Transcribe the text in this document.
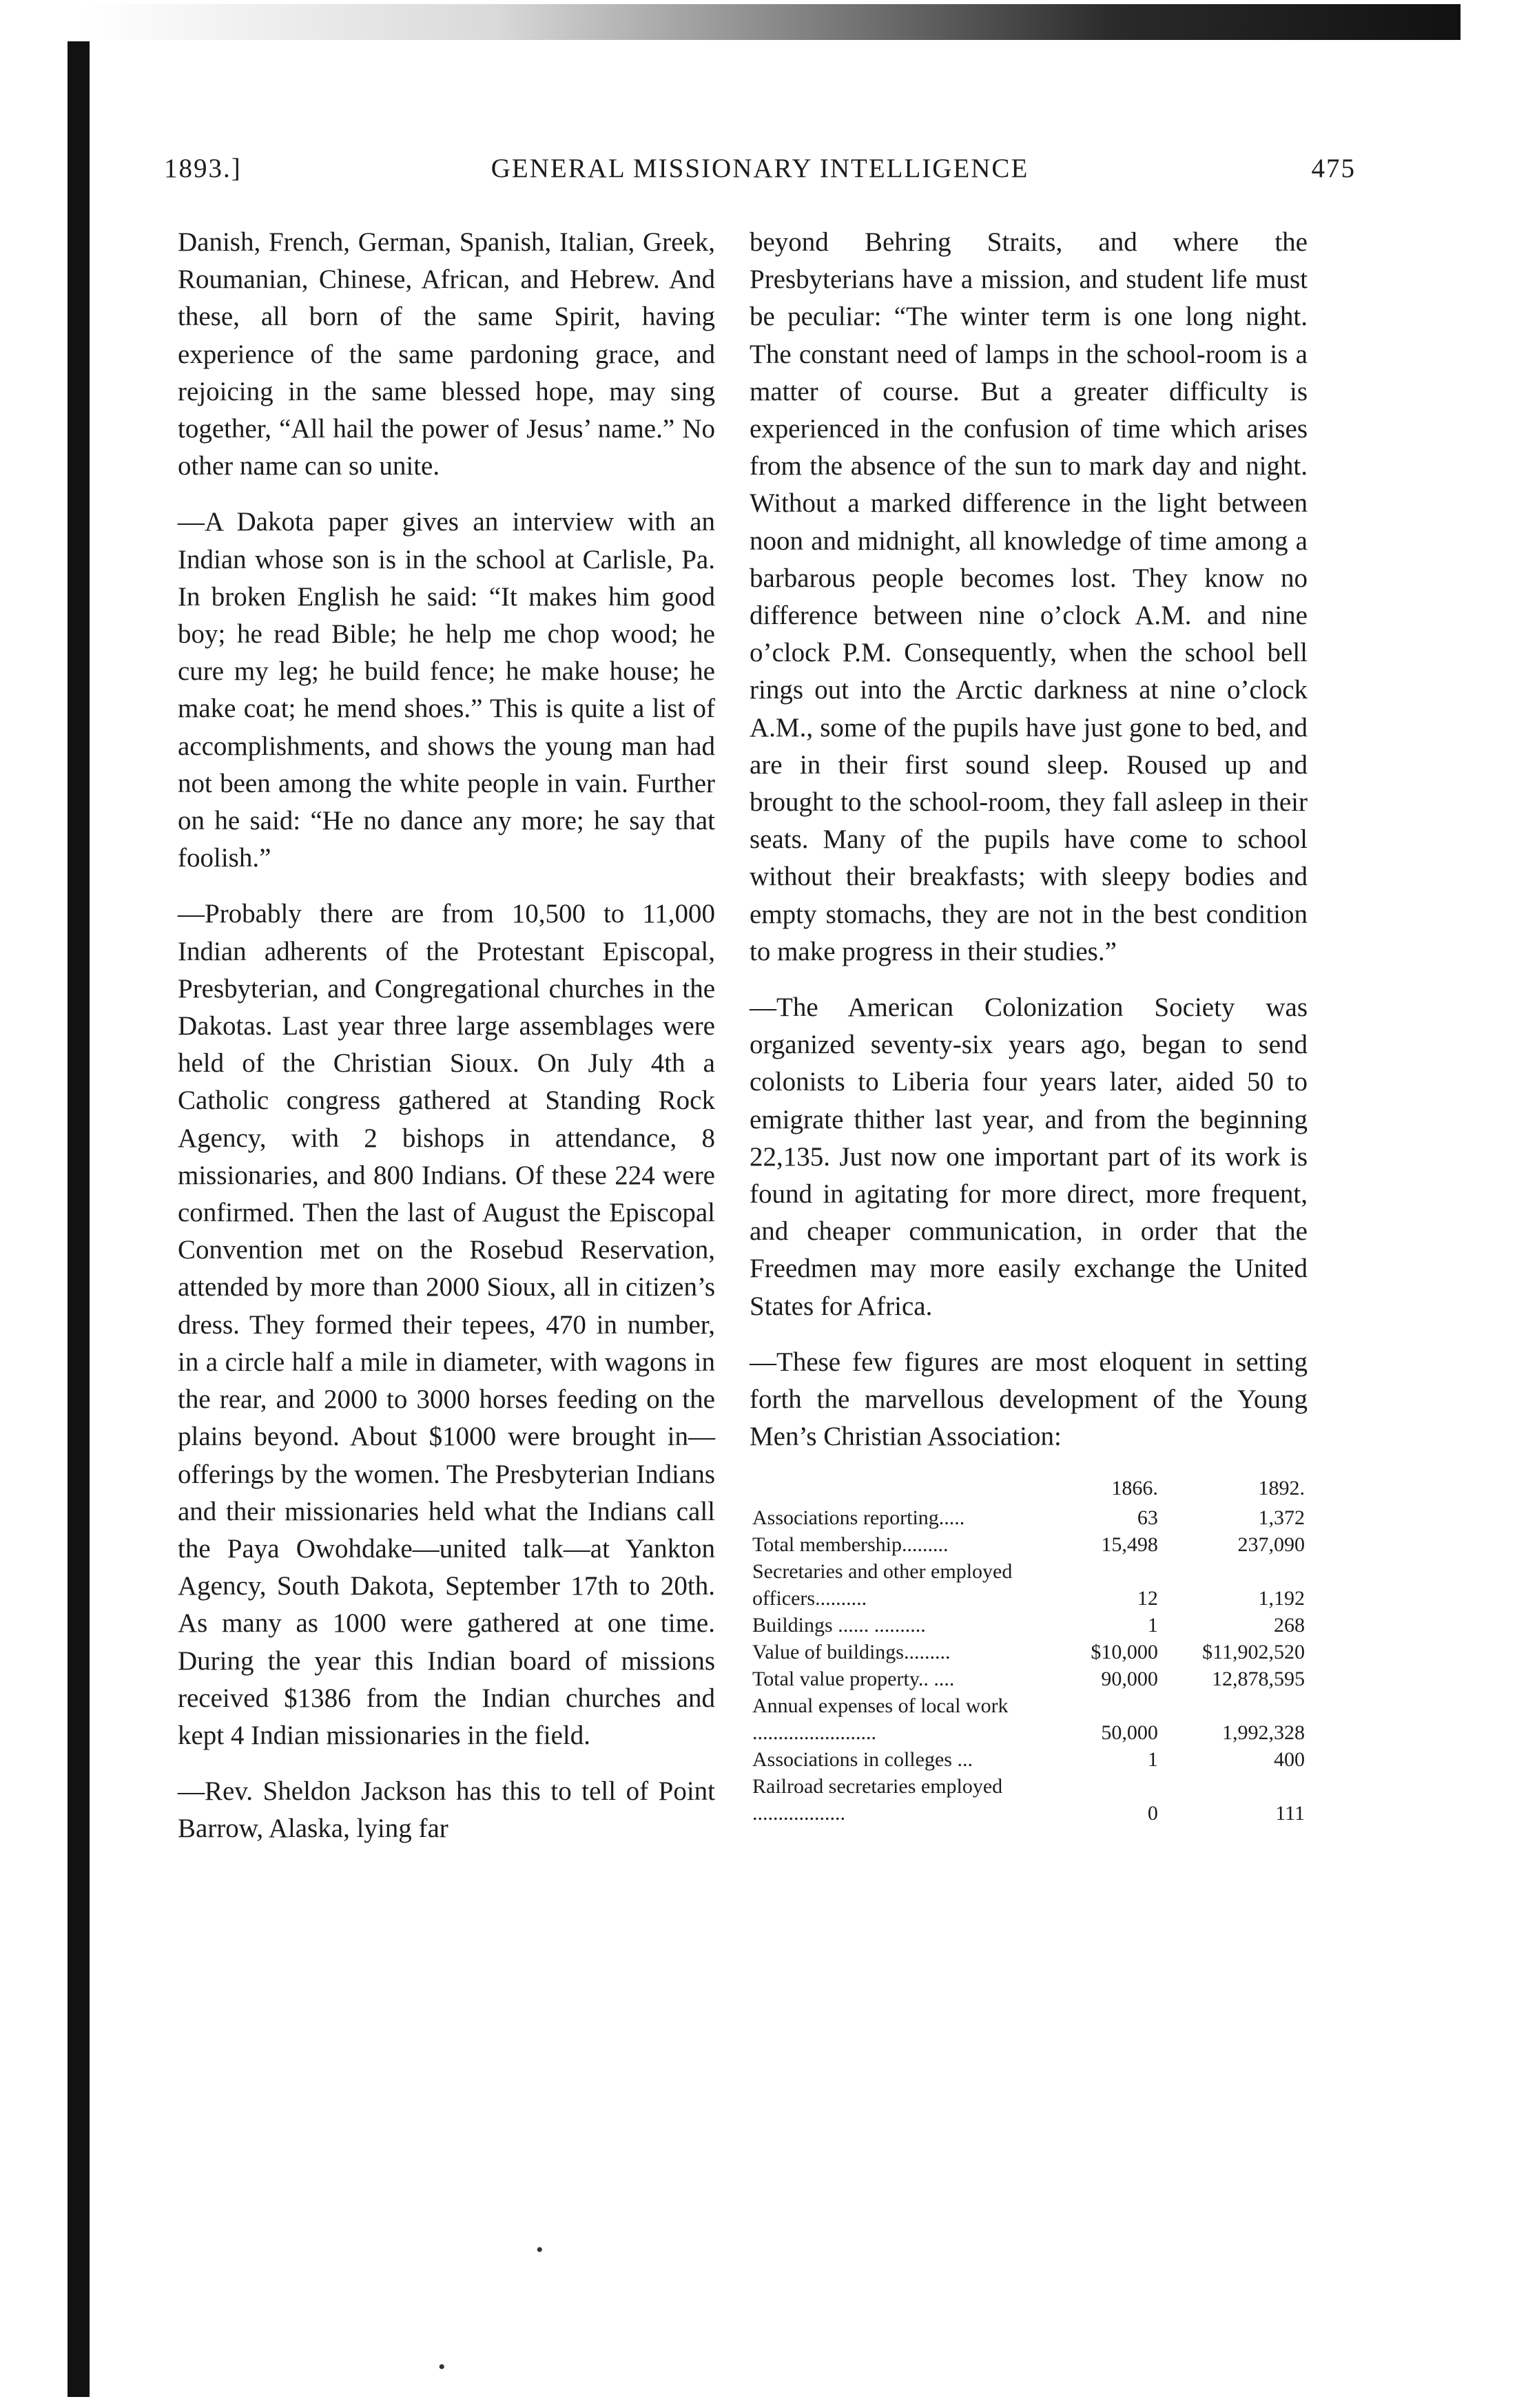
1893.]	GENERAL MISSIONARY INTELLIGENCE	475

Danish, French, German, Spanish, Italian, Greek, Roumanian, Chinese, African, and Hebrew. And these, all born of the same Spirit, having experience of the same pardoning grace, and rejoicing in the same blessed hope, may sing together, “All hail the power of Jesus’ name.” No other name can so unite.

—A Dakota paper gives an interview with an Indian whose son is in the school at Carlisle, Pa. In broken English he said: “It makes him good boy; he read Bible; he help me chop wood; he cure my leg; he build fence; he make house; he make coat; he mend shoes.” This is quite a list of accomplishments, and shows the young man had not been among the white people in vain. Further on he said: “He no dance any more; he say that foolish.”

—Probably there are from 10,500 to 11,000 Indian adherents of the Protestant Episcopal, Presbyterian, and Congregational churches in the Dakotas. Last year three large assemblages were held of the Christian Sioux. On July 4th a Catholic congress gathered at Standing Rock Agency, with 2 bishops in attendance, 8 missionaries, and 800 Indians. Of these 224 were confirmed. Then the last of August the Episcopal Convention met on the Rosebud Reservation, attended by more than 2000 Sioux, all in citizen’s dress. They formed their tepees, 470 in number, in a circle half a mile in diameter, with wagons in the rear, and 2000 to 3000 horses feeding on the plains beyond. About $1000 were brought in—offerings by the women. The Presbyterian Indians and their missionaries held what the Indians call the Paya Owohdake—united talk—at Yankton Agency, South Dakota, September 17th to 20th. As many as 1000 were gathered at one time. During the year this Indian board of missions received $1386 from the Indian churches and kept 4 Indian missionaries in the field.

—Rev. Sheldon Jackson has this to tell of Point Barrow, Alaska, lying far

beyond Behring Straits, and where the Presbyterians have a mission, and student life must be peculiar: “The winter term is one long night. The constant need of lamps in the school-room is a matter of course. But a greater difficulty is experienced in the confusion of time which arises from the absence of the sun to mark day and night. Without a marked difference in the light between noon and midnight, all knowledge of time among a barbarous people becomes lost. They know no difference between nine o’clock A.M. and nine o’clock P.M. Consequently, when the school bell rings out into the Arctic darkness at nine o’clock A.M., some of the pupils have just gone to bed, and are in their first sound sleep. Roused up and brought to the school-room, they fall asleep in their seats. Many of the pupils have come to school without their breakfasts; with sleepy bodies and empty stomachs, they are not in the best condition to make progress in their studies.”

—The American Colonization Society was organized seventy-six years ago, began to send colonists to Liberia four years later, aided 50 to emigrate thither last year, and from the beginning 22,135. Just now one important part of its work is found in agitating for more direct, more frequent, and cheaper communication, in order that the Freedmen may more easily exchange the United States for Africa.

—These few figures are most eloquent in setting forth the marvellous development of the Young Men’s Christian Association:

	1866.	1892.
Associations reporting.....	63	1,372
Total membership.........	15,498	237,090
Secretaries and other employed officers..........	12	1,192
Buildings ...... ..........	1	268
Value of buildings.........	$10,000	$11,902,520
Total value property.. ....	90,000	12,878,595
Annual expenses of local work ........................	50,000	1,992,328
Associations in colleges ...	1	400
Railroad secretaries employed ..................	0	111
•
•
